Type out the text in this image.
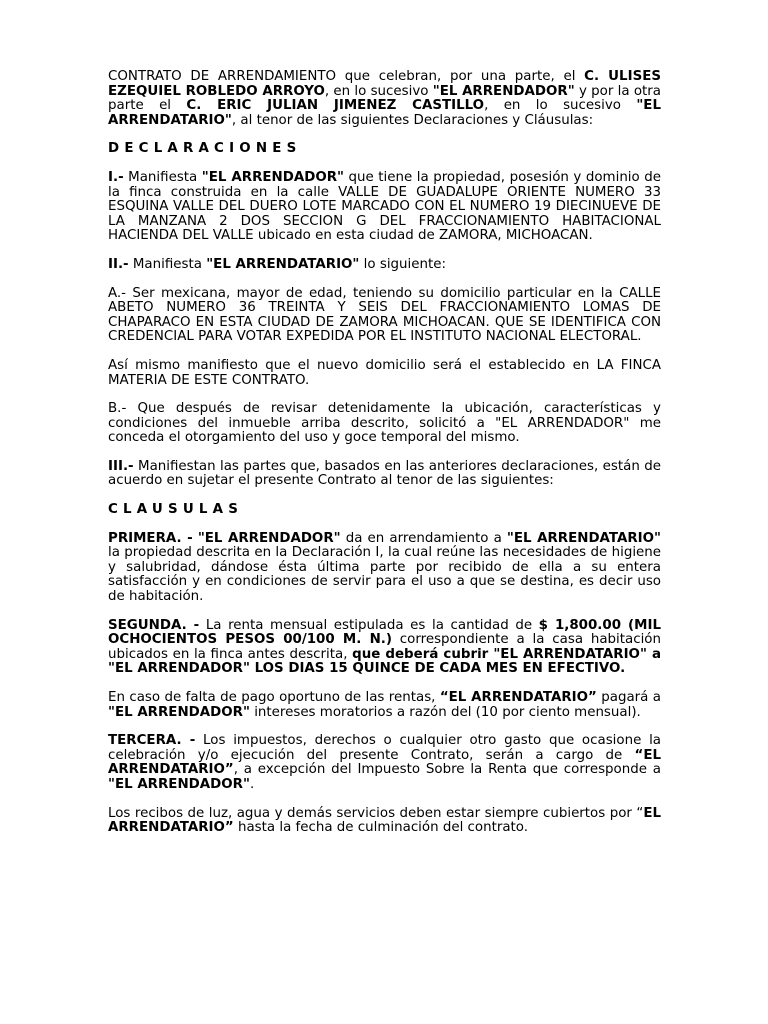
CONTRATO DE ARRENDAMIENTO que celebran, por una parte, el C. ULISES EZEQUIEL ROBLEDO ARROYO, en lo sucesivo "EL ARRENDADOR" y por la otra parte el C. ERIC JULIAN JIMENEZ CASTILLO, en lo sucesivo "EL ARRENDATARIO", al tenor de las siguientes Declaraciones y Cláusulas:

DECLARACIONES

I.- Manifiesta "EL ARRENDADOR" que tiene la propiedad, posesión y dominio de la finca construida en la calle VALLE DE GUADALUPE ORIENTE NUMERO 33 ESQUINA VALLE DEL DUERO LOTE MARCADO CON EL NUMERO 19 DIECINUEVE DE LA MANZANA 2 DOS SECCION G DEL FRACCIONAMIENTO HABITACIONAL HACIENDA DEL VALLE ubicado en esta ciudad de ZAMORA, MICHOACAN.

II.- Manifiesta "EL ARRENDATARIO" lo siguiente:

A.- Ser mexicana, mayor de edad, teniendo su domicilio particular en la CALLE ABETO NUMERO 36 TREINTA Y SEIS DEL FRACCIONAMIENTO LOMAS DE CHAPARACO EN ESTA CIUDAD DE ZAMORA MICHOACAN. QUE SE IDENTIFICA CON CREDENCIAL PARA VOTAR EXPEDIDA POR EL INSTITUTO NACIONAL ELECTORAL.

Así mismo manifiesto que el nuevo domicilio será el establecido en LA FINCA MATERIA DE ESTE CONTRATO.

B.- Que después de revisar detenidamente la ubicación, características y condiciones del inmueble arriba descrito, solicitó a "EL ARRENDADOR" me conceda el otorgamiento del uso y goce temporal del mismo.

III.- Manifiestan las partes que, basados en las anteriores declaraciones, están de acuerdo en sujetar el presente Contrato al tenor de las siguientes:

CLAUSULAS

PRIMERA. - "EL ARRENDADOR" da en arrendamiento a "EL ARRENDATARIO" la propiedad descrita en la Declaración I, la cual reúne las necesidades de higiene y salubridad, dándose ésta última parte por recibido de ella a su entera satisfacción y en condiciones de servir para el uso a que se destina, es decir uso de habitación.

SEGUNDA. - La renta mensual estipulada es la cantidad de $ 1,800.00 (MIL OCHOCIENTOS PESOS 00/100 M. N.) correspondiente a la casa habitación ubicados en la finca antes descrita, que deberá cubrir "EL ARRENDATARIO" a "EL ARRENDADOR" LOS DIAS 15 QUINCE DE CADA MES EN EFECTIVO.

En caso de falta de pago oportuno de las rentas, “EL ARRENDATARIO” pagará a "EL ARRENDADOR" intereses moratorios a razón del (10 por ciento mensual).

TERCERA. - Los impuestos, derechos o cualquier otro gasto que ocasione la celebración y/o ejecución del presente Contrato, serán a cargo de “EL ARRENDATARIO”, a excepción del Impuesto Sobre la Renta que corresponde a "EL ARRENDADOR".

Los recibos de luz, agua y demás servicios deben estar siempre cubiertos por “EL ARRENDATARIO” hasta la fecha de culminación del contrato.
